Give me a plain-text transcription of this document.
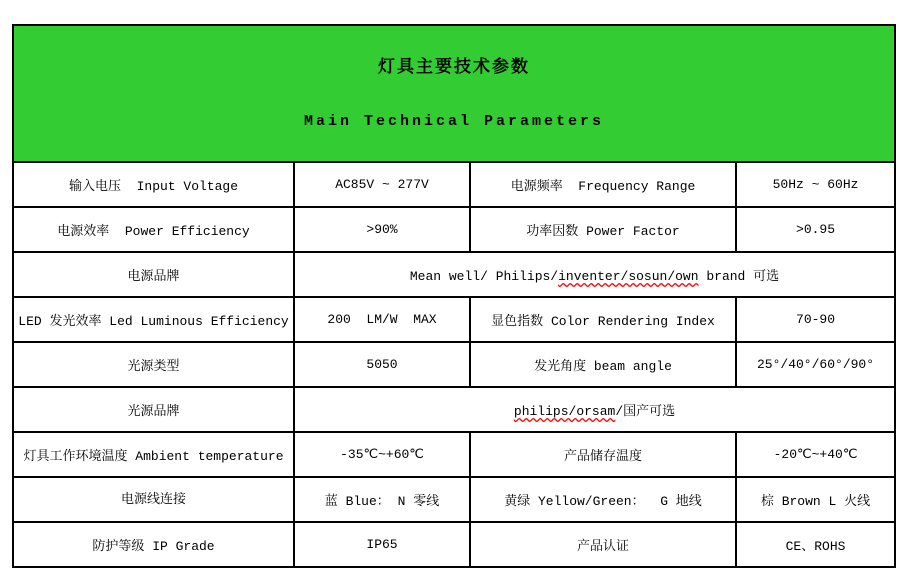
灯具主要技术参数

Main Technical Parameters			

输入电压  Input Voltage	AC85V ~ 277V	电源频率  Frequency Range	50Hz ~ 60Hz
电源效率  Power Efficiency	>90%	功率因数 Power Factor	>0.95
电源品牌	Mean well/ Philips/inventer/sosun/own brand 可选		
LED 发光效率 Led Luminous Efficiency	200  LM/W  MAX	显色指数 Color Rendering Index	70-90
光源类型	5050	发光角度 beam angle	25°/40°/60°/90°
光源品牌	philips/orsam/国产可选		
灯具工作环境温度 Ambient temperature	-35℃~+60℃	产品储存温度	-20℃~+40℃
电源线连接	蓝 Blue： N 零线	黄绿 Yellow/Green：  G 地线	棕 Brown L 火线
防护等级 IP Grade	IP65	产品认证	CE、ROHS
